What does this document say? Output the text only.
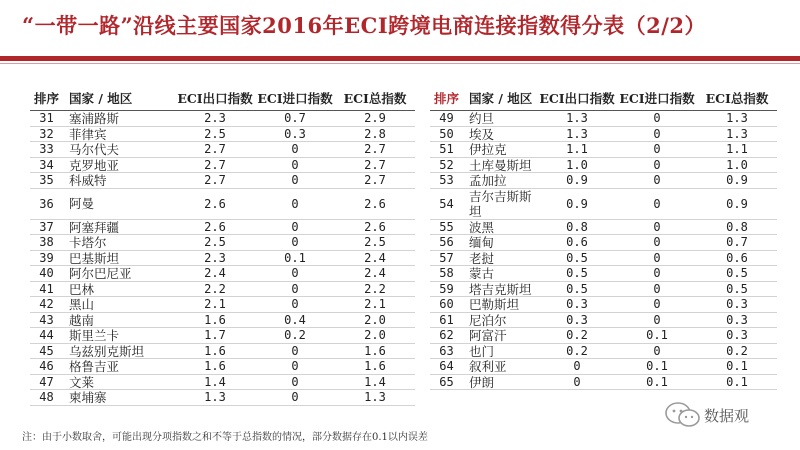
“一带一路”沿线主要国家2016年ECI跨境电商连接指数得分表（2/2）
排序 国家 / 地区	ECI出口指数 ECI进口指数 ECI总指数
31	塞浦路斯	2.3	0.7	2.9
32	菲律宾	2.5	0.3	2.8
33	马尔代夫	2.7	0	2.7
34	克罗地亚	2.7	0	2.7
35	科威特	2.7	0	2.7
36	阿曼	2.6	0	2.6
37	阿塞拜疆	2.6	0	2.6
38	卡塔尔	2.5	0	2.5
39	巴基斯坦	2.3	0.1	2.4
40	阿尔巴尼亚	2.4	0	2.4
41	巴林	2.2	0	2.2
42	黑山	2.1	0	2.1
43	越南	1.6	0.4	2.0
44	斯里兰卡	1.7	0.2	2.0
45	乌兹别克斯坦	1.6	0	1.6
46	格鲁吉亚	1.6	0	1.6
47	文莱	1.4	0	1.4
48	柬埔寨	1.3	0	1.3
排序 国家 / 地区 ECI出口指数 ECI进口指数 ECI总指数
49	约旦	1.3	0	1.3
50	埃及	1.3	0	1.3
51	伊拉克	1.1	0	1.1
52	土库曼斯坦	1.0	0	1.0
53	孟加拉	0.9	0	0.9
54	吉尔吉斯斯坦	0.9	0	0.9
55	波黑	0.8	0	0.8
56	缅甸	0.6	0	0.7
57	老挝	0.5	0	0.6
58	蒙古	0.5	0	0.5
59	塔吉克斯坦	0.5	0	0.5
60	巴勒斯坦	0.3	0	0.3
61	尼泊尔	0.3	0	0.3
62	阿富汗	0.2	0.1	0.3
63	也门	0.2	0	0.2
64	叙利亚	0	0.1	0.1
65	伊朗	0	0.1	0.1
注：由于小数取舍，可能出现分项指数之和不等于总指数的情况，部分数据存在0.1以内误差
数据观
